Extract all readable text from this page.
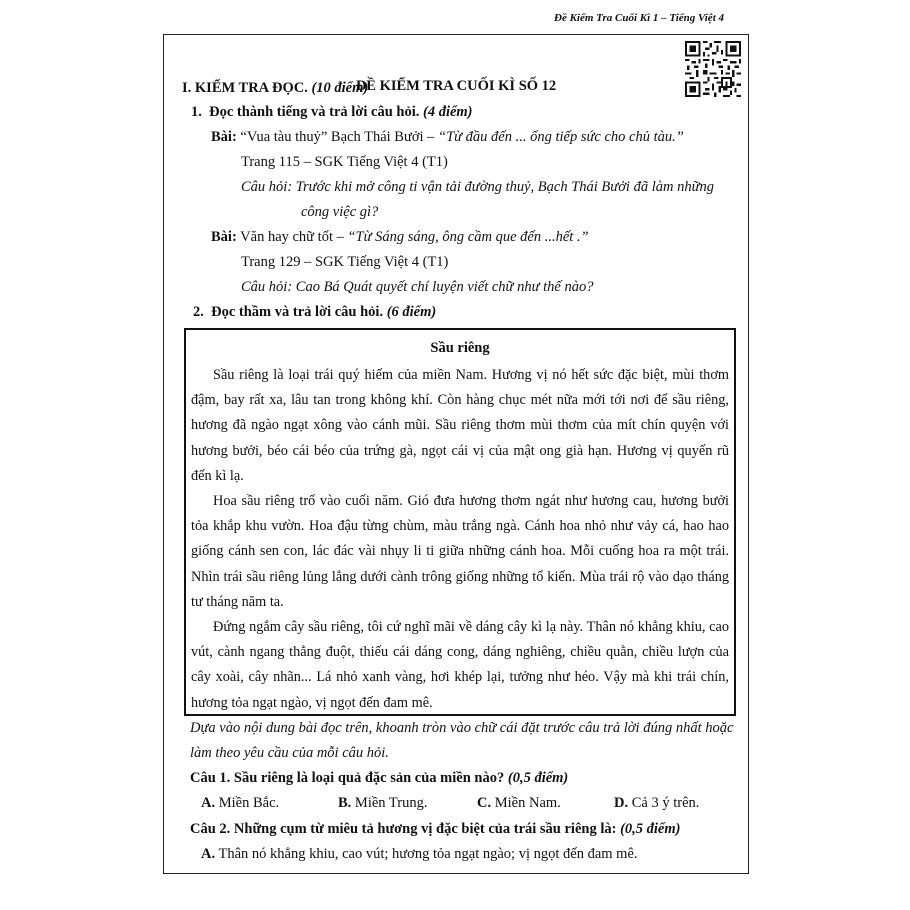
Đề Kiểm Tra Cuối Kì 1 – Tiếng Việt 4
ĐỀ KIỂM TRA CUỐI KÌ SỐ 12
I. KIỂM TRA ĐỌC. (10 điểm)
1. Đọc thành tiếng và trả lời câu hỏi. (4 điểm)
Bài: “Vua tàu thuỷ” Bạch Thái Bưởi – “Từ đầu đến ... ống tiếp sức cho chủ tàu.”
Trang 115 – SGK Tiếng Việt 4 (T1)
Câu hỏi: Trước khi mở công ti vận tải đường thuỷ, Bạch Thái Bưởi đã làm những
công việc gì?
Bài: Văn hay chữ tốt – “Từ Sáng sáng, ông cầm que đến ...hết .”
Trang 129 – SGK Tiếng Việt 4 (T1)
Câu hỏi: Cao Bá Quát quyết chí luyện viết chữ như thế nào?
2. Đọc thầm và trả lời câu hỏi. (6 điểm)
Sầu riêng

Sầu riêng là loại trái quý hiếm của miền Nam. Hương vị nó hết sức đặc biệt, mùi thơm đậm, bay rất xa, lâu tan trong không khí. Còn hàng chục mét nữa mới tới nơi để sầu riêng, hương đã ngào ngạt xông vào cánh mũi. Sầu riêng thơm mùi thơm của mít chín quyện với hương bưởi, béo cái béo của trứng gà, ngọt cái vị của mật ong già hạn. Hương vị quyến rũ đến kì lạ.

Hoa sầu riêng trổ vào cuối năm. Gió đưa hương thơm ngát như hương cau, hương bưởi tỏa khắp khu vườn. Hoa đậu từng chùm, màu trắng ngà. Cánh hoa nhỏ như vảy cá, hao hao giống cánh sen con, lác đác vài nhụy li ti giữa những cánh hoa. Mỗi cuống hoa ra một trái. Nhìn trái sầu riêng lủng lẳng dưới cành trông giống những tổ kiến. Mùa trái rộ vào dạo tháng tư tháng năm ta.

Đứng ngắm cây sầu riêng, tôi cứ nghĩ mãi về dáng cây kì lạ này. Thân nó khẳng khiu, cao vút, cành ngang thẳng đuột, thiếu cái dáng cong, dáng nghiêng, chiều quằn, chiều lượn của cây xoài, cây nhãn... Lá nhỏ xanh vàng, hơi khép lại, tưởng như héo. Vậy mà khi trái chín, hương tỏa ngạt ngào, vị ngọt đến đam mê.

Dựa vào nội dung bài đọc trên, khoanh tròn vào chữ cái đặt trước câu trả lời đúng nhất hoặc
làm theo yêu cầu của mỗi câu hỏi.
Câu 1. Sầu riêng là loại quả đặc sản của miền nào? (0,5 điểm)
A. Miền Bắc.	B. Miền Trung.	C. Miền Nam.	D. Cả 3 ý trên.
Câu 2. Những cụm từ miêu tả hương vị đặc biệt của trái sầu riêng là: (0,5 điểm)
A. Thân nó khẳng khiu, cao vút; hương tỏa ngạt ngào; vị ngọt đến đam mê.
